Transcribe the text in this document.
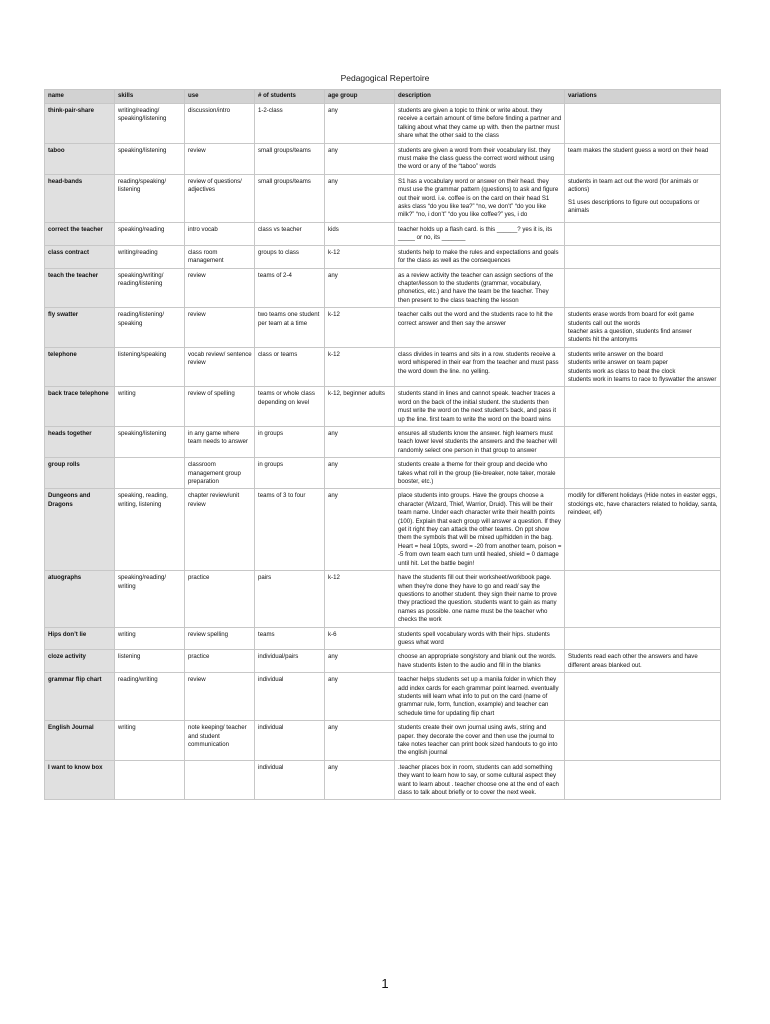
Pedagogical Repertoire
name	skills	use	# of students	age group	description	variations
think-pair-share	writing/reading/ speaking/listening	discussion/intro	1-2-class	any	students are given a topic to think or write about. they receive a certain amount of time before finding a partner and talking about what they came up with. then the partner must share what the other said to the class	
taboo	speaking/listening	review	small groups/teams	any	students are given a word from their vocabulary list. they must make the class guess the correct word without using the word or any of the “taboo” words	team makes the student guess a word on their head

head-bands	reading/speaking/ listening	review of questions/ adjectives	small groups/teams	any	S1 has a vocabulary word or answer on their head. they must use the grammar pattern (questions) to ask and figure out their word. i.e. coffee is on the card on their head S1 asks class “do you like tea?” “no, we don’t” “do you like milk?” “no, i don’t” “do you like coffee?” yes, i do	students in team act out the word (for animals or actions)
S1 uses descriptions to figure out occupations or animals

correct the teacher	speaking/reading	intro vocab	class vs teacher	kids	teacher holds up a flash card. is this ______? yes it is, its _____ or no, its _______	
class contract	writing/reading	class room management	groups to class	k-12	students help to make the rules and expectations and goals for the class as well as the consequences	
teach the teacher	speaking/writing/ reading/listening	review	teams of 2-4	any	as a review activity the teacher can assign sections of the chapter/lesson to the students (grammar, vocabulary, phonetics, etc.) and have the team be the teacher. They then present to the class teaching the lesson	
fly swatter	reading/listening/ speaking	review	two teams one student per team at a time	k-12	teacher calls out the word and the students race to hit the correct answer and then say the answer	students erase words from board for exit game
students call out the words
teacher asks a question, students find answer
students hit the antonyms

telephone	listening/speaking	vocab review/ sentence review	class or teams	k-12	class divides in teams and sits in a row. students receive a word whispered in their ear from the teacher and must pass the word down the line. no yelling.	students write answer on the board
students write answer on team paper
students work as class to beat the clock
students work in teams to race to flyswatter the answer

back trace telephone	writing	review of spelling	teams or whole class depending on level	k-12, beginner adults	students stand in lines and cannot speak. teacher traces a word on the back of the initial student. the students then must write the word on the next student’s back, and pass it up the line. first team to write the word on the board wins	
heads together	speaking/listening	in any game where team needs to answer	in groups	any	ensures all students know the answer. high learners must teach lower level students the answers and the teacher will randomly select one person in that group to answer	
group rolls		classroom management group preparation	in groups	any	students create a theme for their group and decide who takes what roll in the group (tie-breaker, note taker, morale booster, etc.)	
Dungeons and Dragons	speaking, reading, writing, listening	chapter review/unit review	teams of 3 to four	any	place students into groups. Have the groups choose a character (Wizard, Thief, Warrior, Druid). This will be their team name. Under each character write their health points (100). Explain that each group will answer a question. If they get it right they can attack the other teams. On ppt show them the symbols that will be mixed up/hidden in the bag. Heart = heal 10pts, sword = -20 from another team, poison = -5 from own team each turn until healed, shield = 0 damage until hit. Let the battle begin!	modify for different holidays (Hide notes in easter eggs, stockings etc, have characters related to holiday, santa, reindeer, elf)

atuographs	speaking/reading/ writing	practice	pairs	k-12	have the students fill out their worksheet/workbook page. when they’re done they have to go and read/ say the questions to another student. they sign their name to prove they practiced the question. students want to gain as many names as possible. one name must be the teacher who checks the work	
Hips don’t lie	writing	review spelling	teams	k-6	students spell vocabulary words with their hips. students guess what word	
cloze activity	listening	practice	individual/pairs	any	choose an appropriate song/story and blank out the words. have students listen to the audio and fill in the blanks	Students read each other the answers and have different areas blanked out.

grammar flip chart	reading/writing	review	individual	any	teacher helps students set up a manila folder in which they add index cards for each grammar point learned. eventually students will learn what info to put on the card (name of grammar rule, form, function, example) and teacher can schedule time for updating flip chart	
English Journal	writing	note keeping/ teacher and student communication	individual	any	students create their own journal using awls, string and paper. they decorate the cover and then use the journal to take notes teacher can print book sized handouts to go into the english journal	
I want to know box			individual	any	.teacher places box in room, students can add something they want to learn how to say, or some cultural aspect they want to learn about . teacher choose one at the end of each class to talk about briefly or to cover the next week.	
1
